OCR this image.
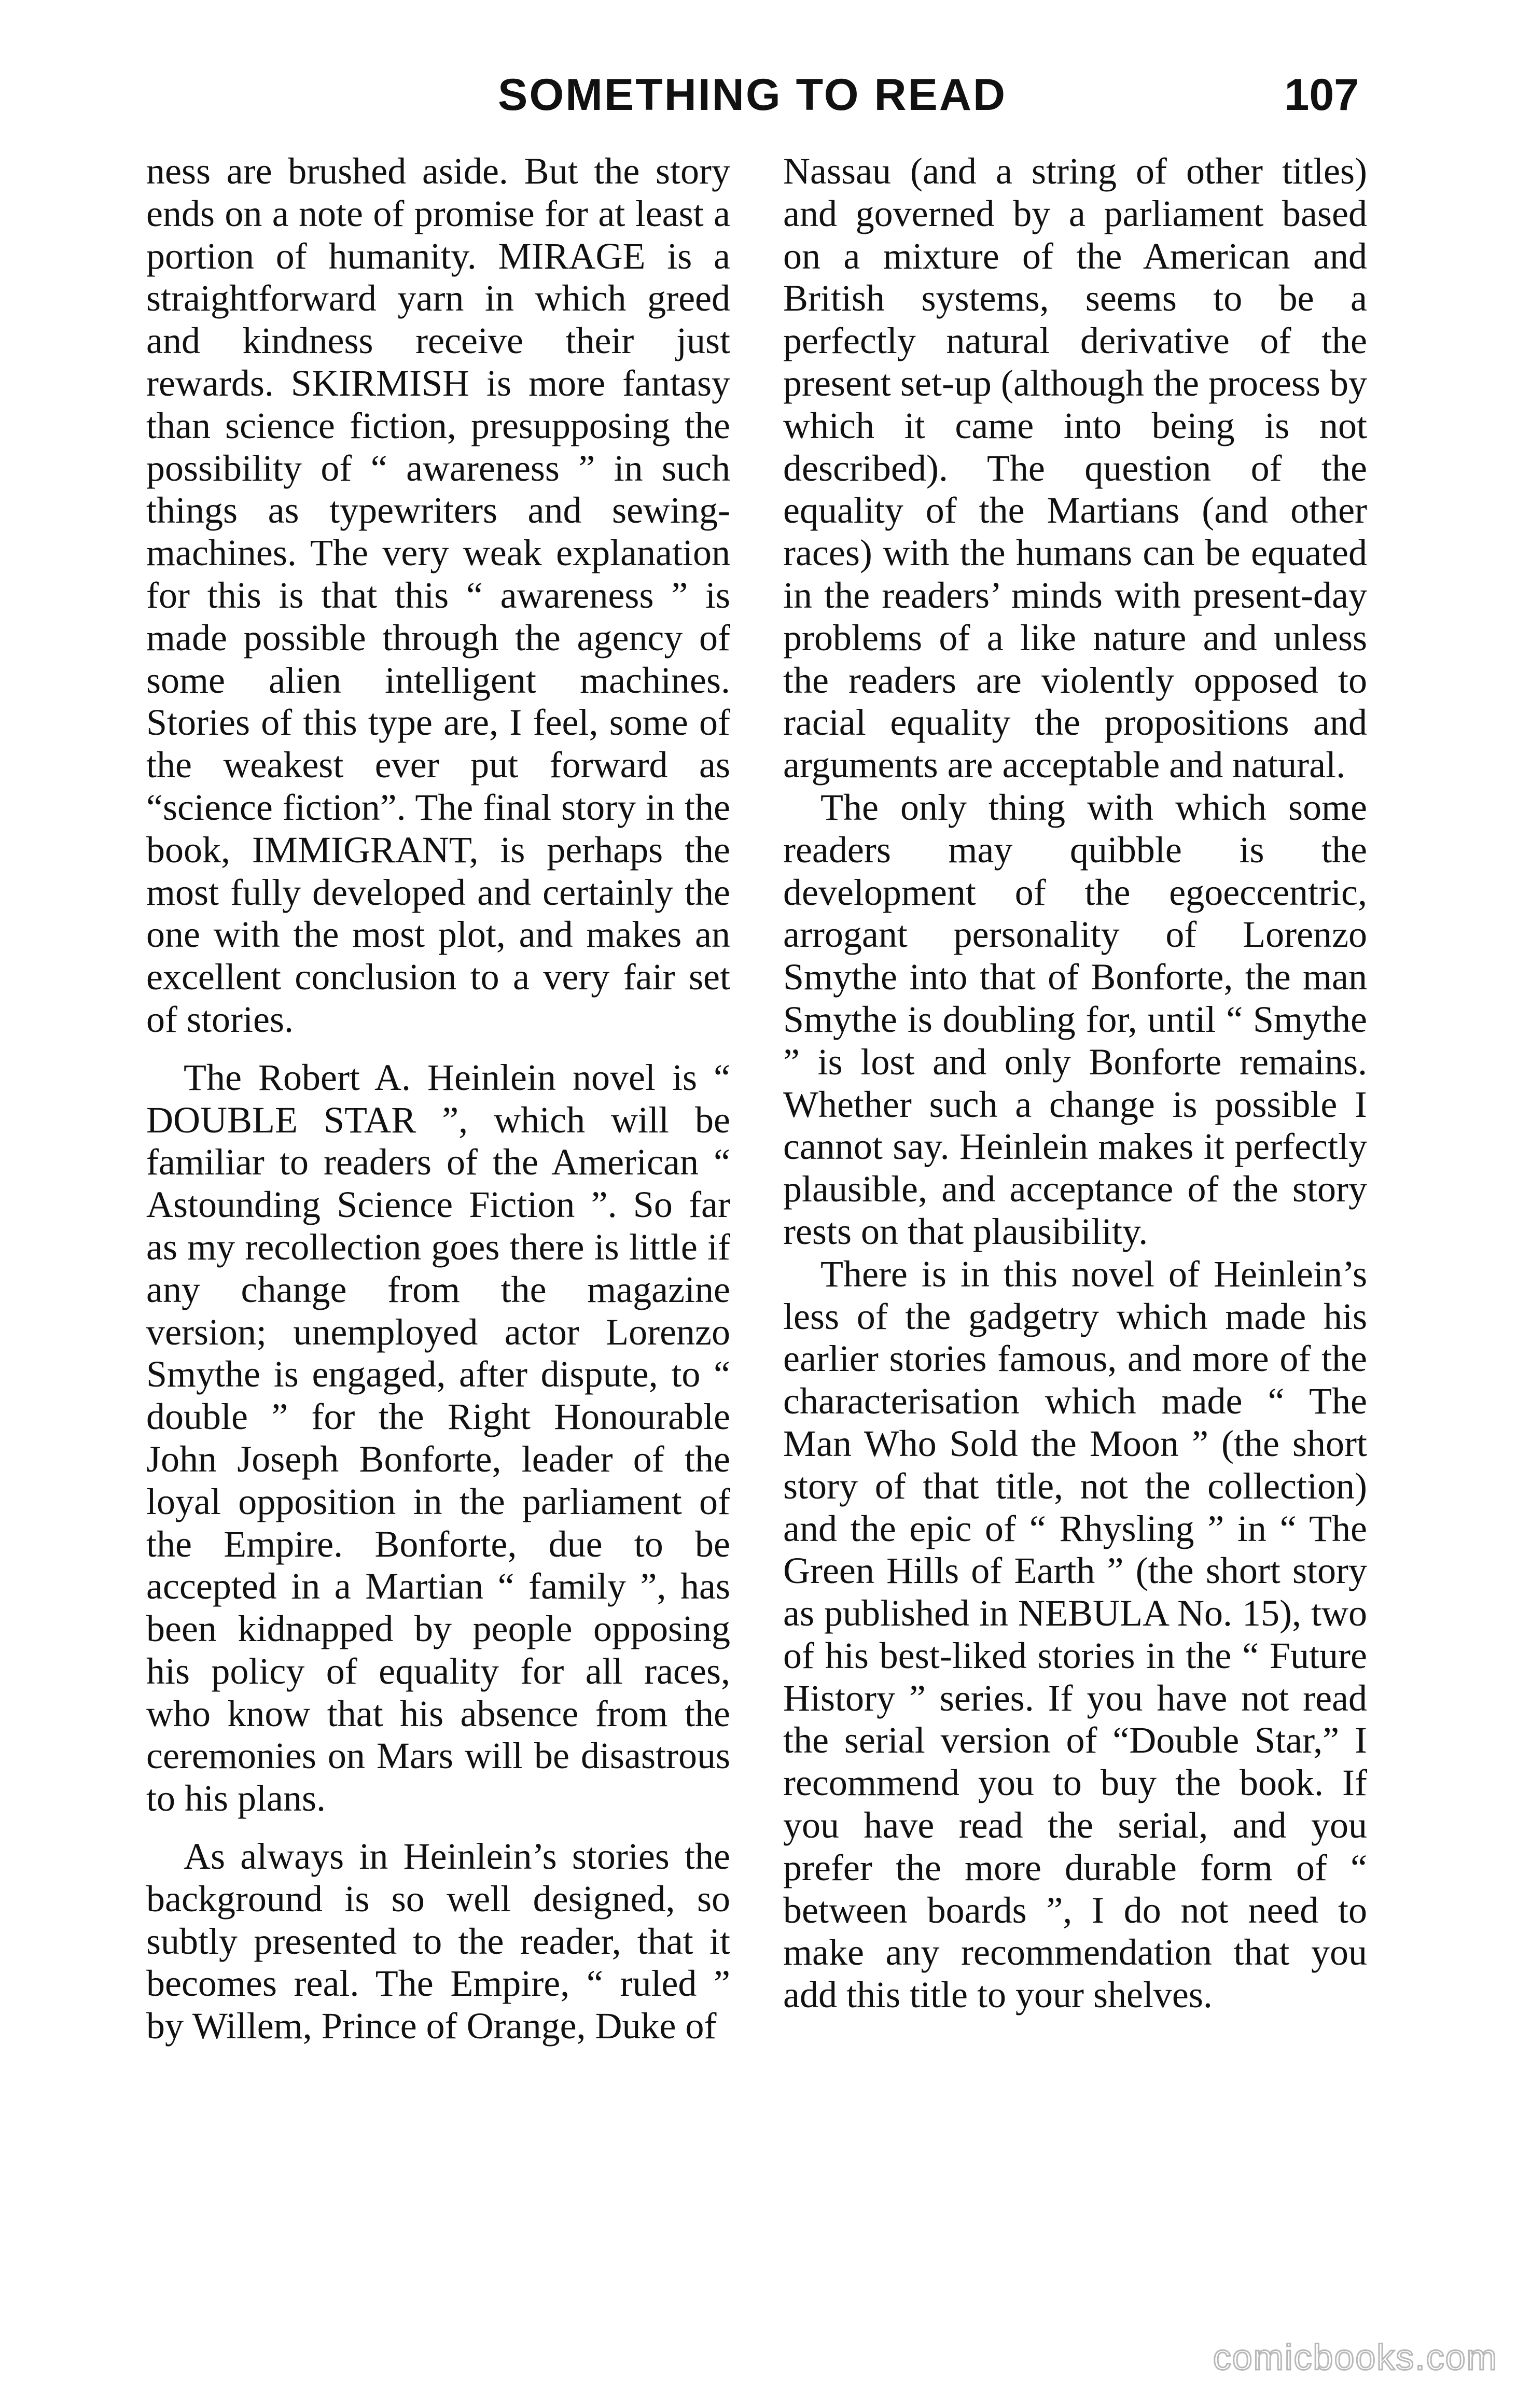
SOMETHING TO READ	107

ness are brushed aside. But the story ends on a note of promise for at least a portion of humanity. MIRAGE is a straightforward yarn in which greed and kindness receive their just rewards. SKIRMISH is more fantasy than science fiction, presupposing the possibility of “ awareness ” in such things as typewriters and sewing-machines. The very weak explanation for this is that this “ awareness ” is made possible through the agency of some alien intelligent machines. Stories of this type are, I feel, some of the weakest ever put forward as “science fiction”. The final story in the book, IMMIGRANT, is perhaps the most fully developed and certainly the one with the most plot, and makes an excellent conclusion to a very fair set of stories.

The Robert A. Heinlein novel is “ DOUBLE STAR ”, which will be familiar to readers of the American “ Astounding Science Fiction ”. So far as my recollection goes there is little if any change from the magazine version; unemployed actor Lorenzo Smythe is engaged, after dispute, to “ double ” for the Right Honourable John Joseph Bonforte, leader of the loyal opposition in the parliament of the Empire. Bonforte, due to be accepted in a Martian “ family ”, has been kidnapped by people opposing his policy of equality for all races, who know that his absence from the ceremonies on Mars will be disastrous to his plans.

As always in Heinlein’s stories the background is so well designed, so subtly presented to the reader, that it becomes real. The Empire, “ ruled ” by Willem, Prince of Orange, Duke of

Nassau (and a string of other titles) and governed by a parliament based on a mixture of the American and British systems, seems to be a perfectly natural derivative of the present set-up (although the process by which it came into being is not described). The question of the equality of the Martians (and other races) with the humans can be equated in the readers’ minds with present-day problems of a like nature and unless the readers are violently opposed to racial equality the propositions and arguments are acceptable and natural.

The only thing with which some readers may quibble is the development of the egoeccentric, arrogant personality of Lorenzo Smythe into that of Bonforte, the man Smythe is doubling for, until “ Smythe ” is lost and only Bonforte remains. Whether such a change is possible I cannot say. Heinlein makes it perfectly plausible, and acceptance of the story rests on that plausibility.

There is in this novel of Heinlein’s less of the gadgetry which made his earlier stories famous, and more of the characterisation which made “ The Man Who Sold the Moon ” (the short story of that title, not the collection) and the epic of “ Rhysling ” in “ The Green Hills of Earth ” (the short story as published in NEBULA No. 15), two of his best-liked stories in the “ Future History ” series. If you have not read the serial version of “Double Star,” I recommend you to buy the book. If you have read the serial, and you prefer the more durable form of “ between boards ”, I do not need to make any recommendation that you add this title to your shelves.

comicbooks.com
